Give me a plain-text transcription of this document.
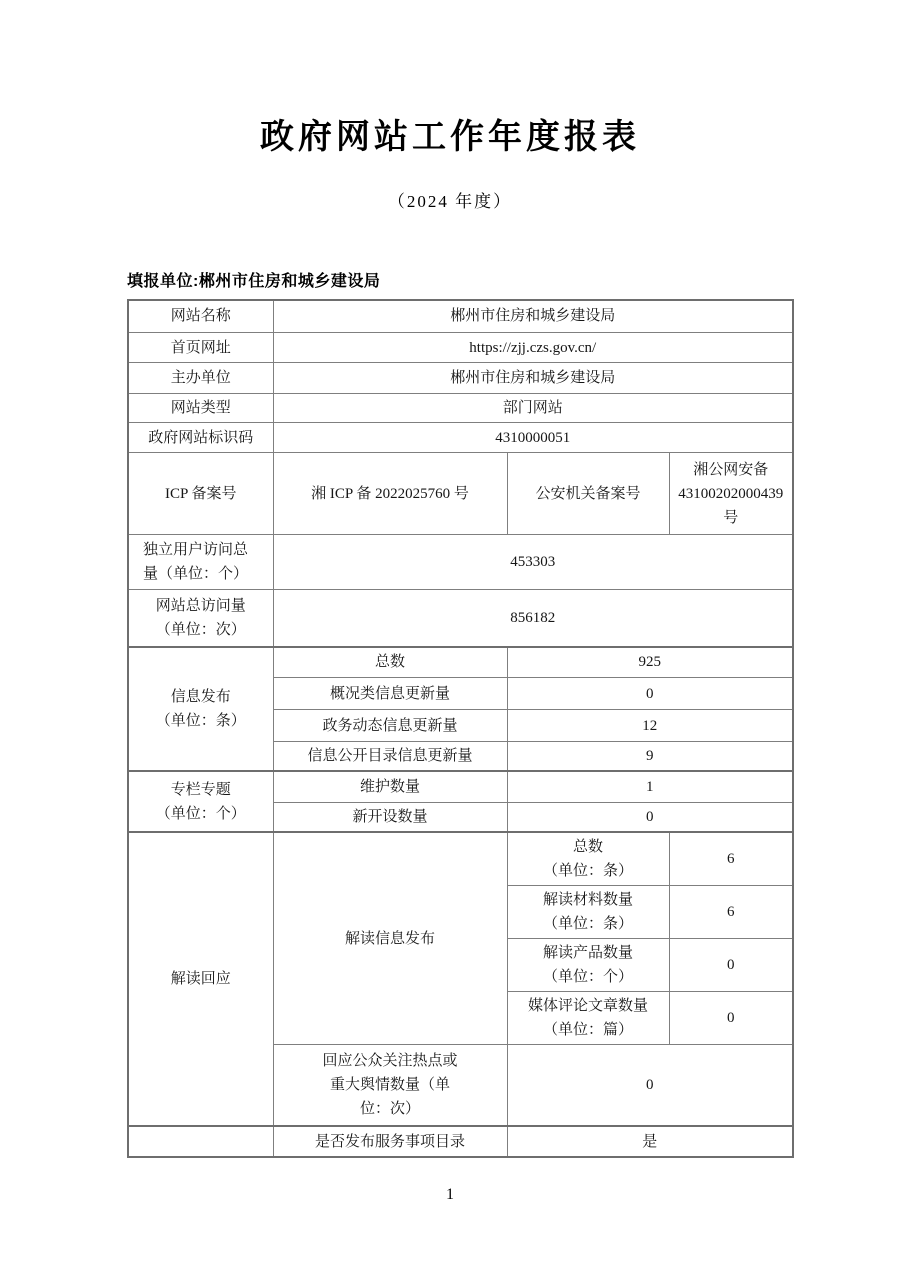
政府网站工作年度报表
（2024 年度）
填报单位:郴州市住房和城乡建设局
网站名称	郴州市住房和城乡建设局		
首页网址	https://zjj.czs.gov.cn/		
主办单位	郴州市住房和城乡建设局		
网站类型	部门网站		
政府网站标识码	4310000051		
ICP 备案号	湘 ICP 备 2022025760 号	公安机关备案号	湘公网安备 43100202000439 号
独立用户访问总量（单位：个）	453303		

网站总访问量
（单位：次）	856182		

信息发布
（单位：条）	总数	925	
	概况类信息更新量	0	
	政务动态信息更新量	12	
	信息公开目录信息更新量	9	

专栏专题
（单位：个）	维护数量	1	
	新开设数量	0	
解读回应	解读信息发布	总数
（单位：条）	6

		解读材料数量
（单位：条）	6

		解读产品数量
（单位：个）	0

		媒体评论文章数量
（单位：篇）	0
	回应公众关注热点或重大舆情数量（单位：次）	0	
	是否发布服务事项目录	是	
1
